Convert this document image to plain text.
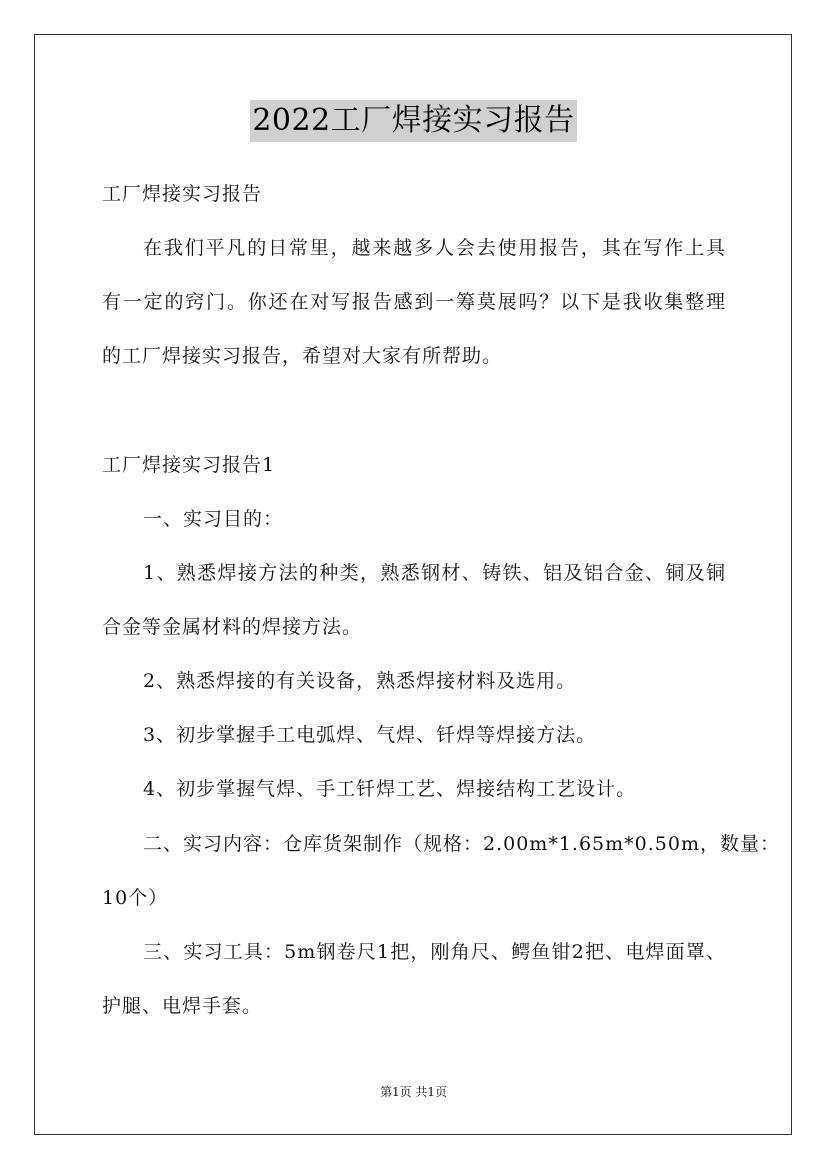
2022工厂焊接实习报告
工厂焊接实习报告
在我们平凡的日常里，越来越多人会去使用报告，其在写作上具
有一定的窍门。你还在对写报告感到一筹莫展吗？以下是我收集整理
的工厂焊接实习报告，希望对大家有所帮助。
工厂焊接实习报告1
一、实习目的：
1、熟悉焊接方法的种类，熟悉钢材、铸铁、铝及铝合金、铜及铜
合金等金属材料的焊接方法。
2、熟悉焊接的有关设备，熟悉焊接材料及选用。
3、初步掌握手工电弧焊、气焊、钎焊等焊接方法。
4、初步掌握气焊、手工钎焊工艺、焊接结构工艺设计。
二、实习内容：仓库货架制作（规格：2.00m*1.65m*0.50m，数量：
10个）
三、实习工具：5m钢卷尺1把，刚角尺、鳄鱼钳2把、电焊面罩、
护腿、电焊手套。
第1页 共1页
